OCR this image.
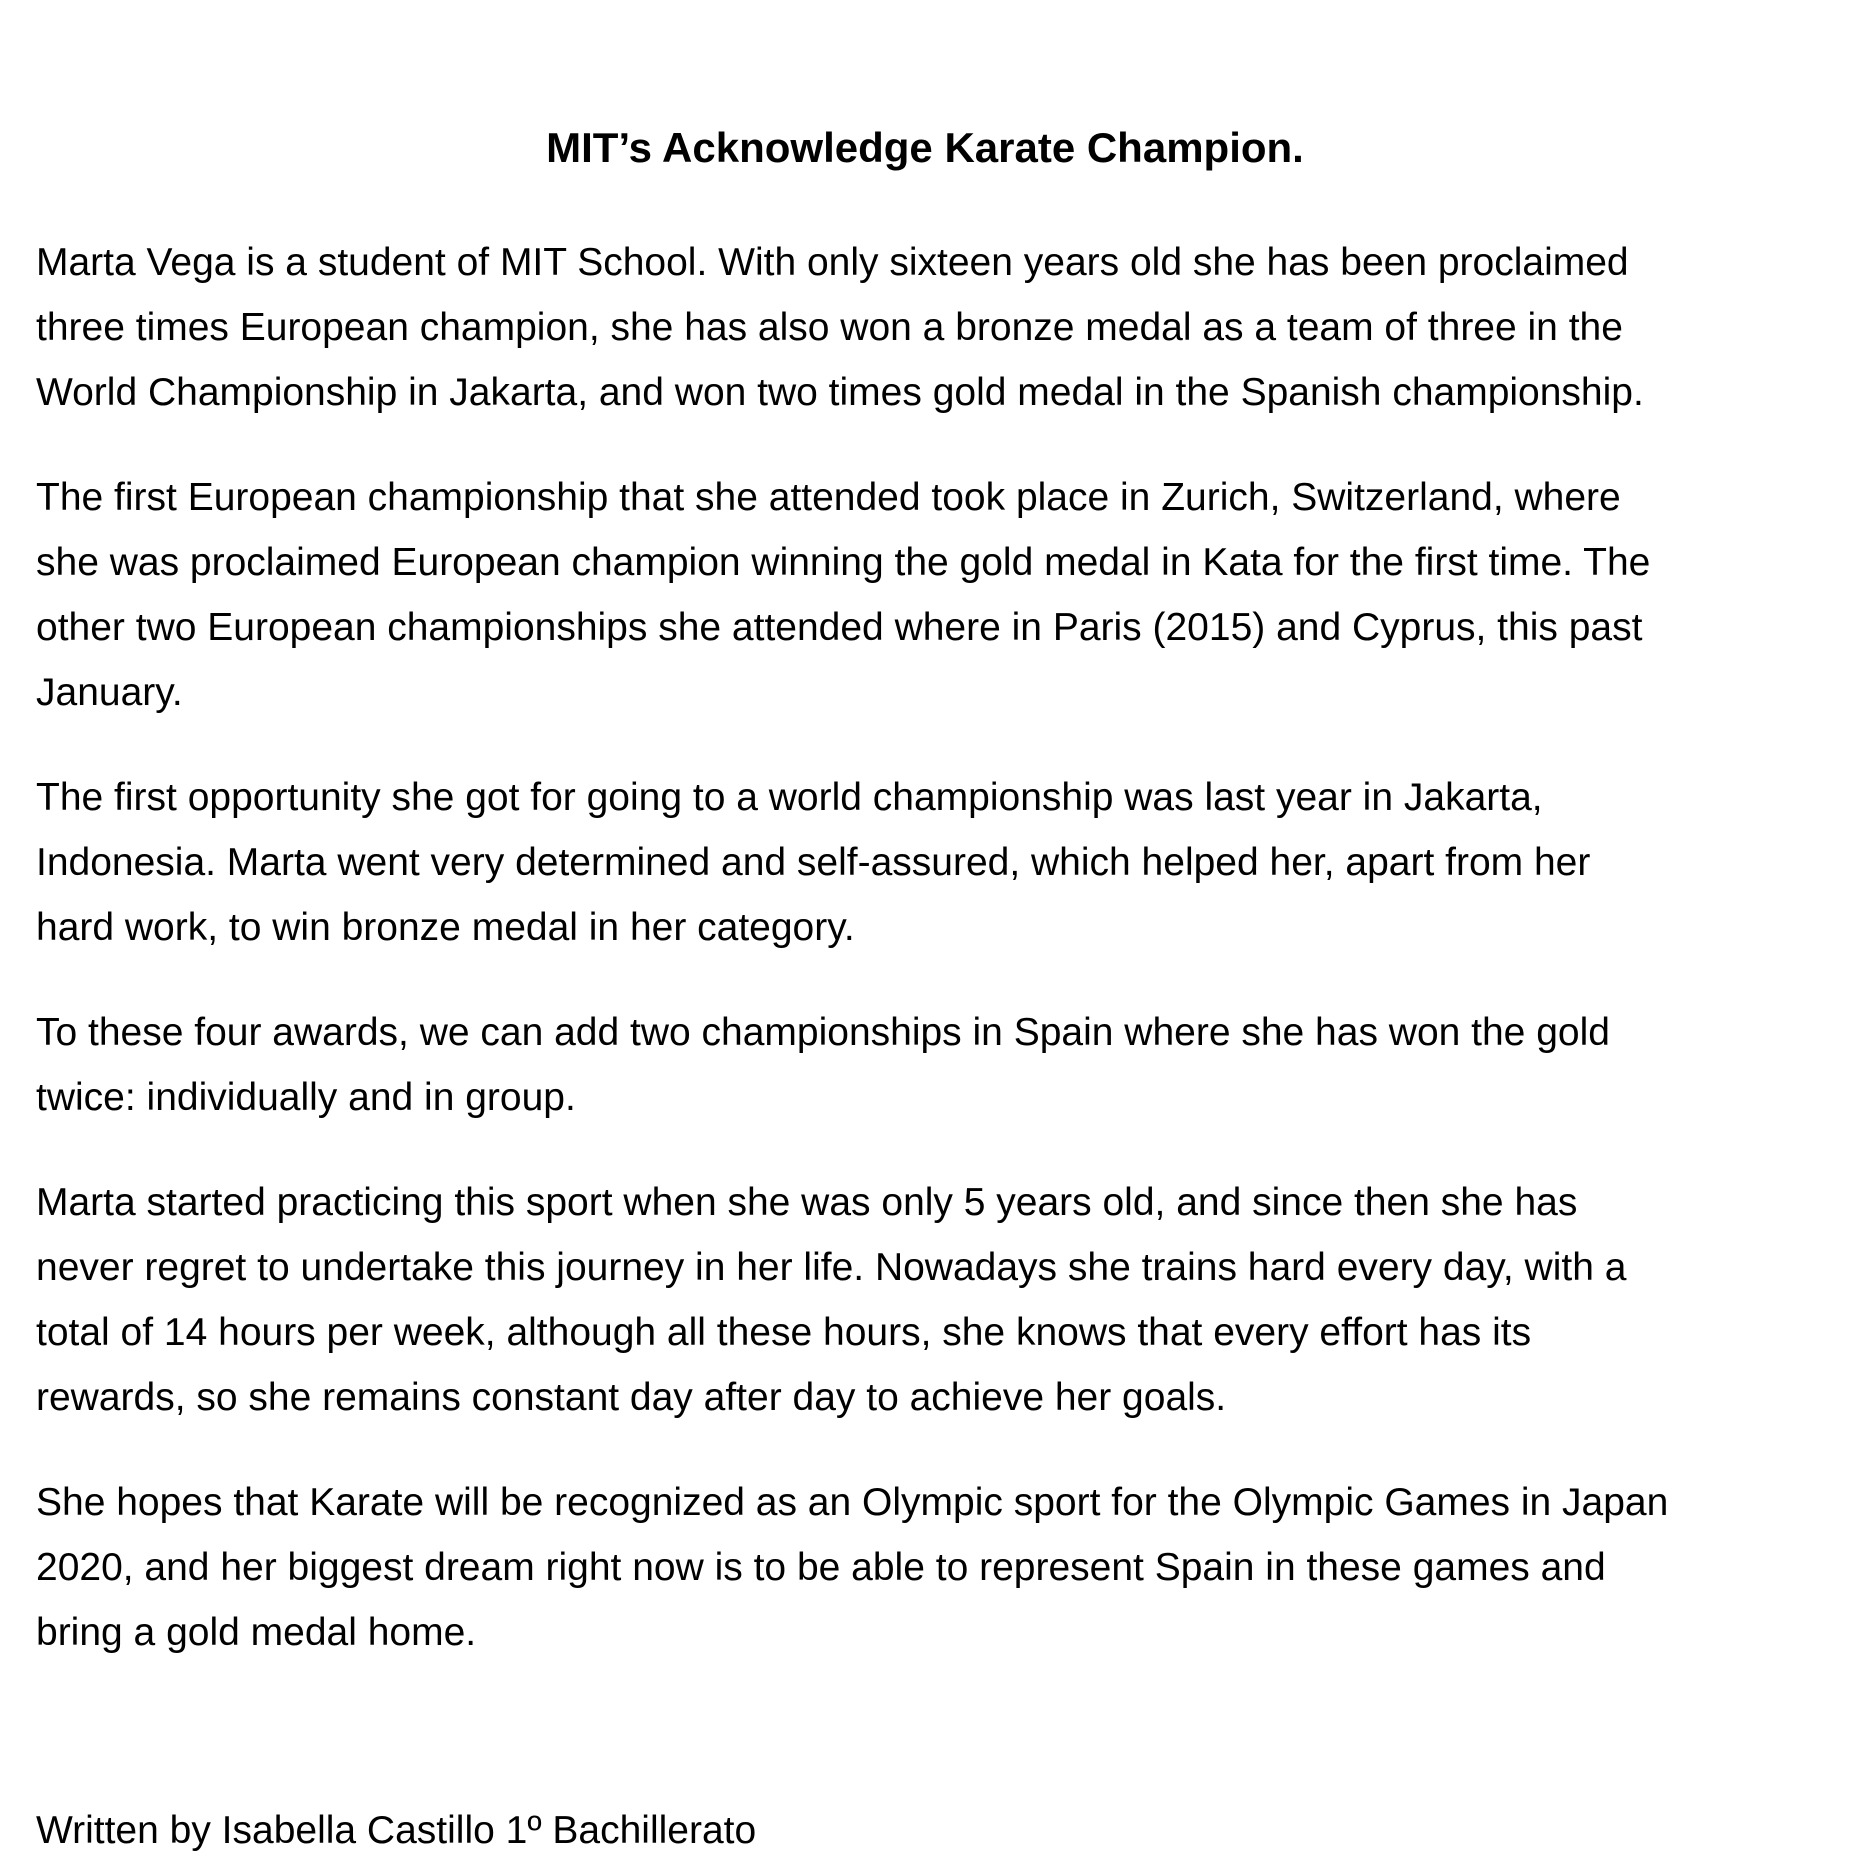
MIT’s Acknowledge Karate Champion.

Marta Vega is a student of MIT School. With only sixteen years old she has been proclaimed
three times European champion, she has also won a bronze medal as a team of three in the
World Championship in Jakarta, and won two times gold medal in the Spanish championship.

The first European championship that she attended took place in Zurich, Switzerland, where
she was proclaimed European champion winning the gold medal in Kata for the first time. The
other two European championships she attended where in Paris (2015) and Cyprus, this past
January.

The first opportunity she got for going to a world championship was last year in Jakarta,
Indonesia. Marta went very determined and self-assured, which helped her, apart from her
hard work, to win bronze medal in her category.

To these four awards, we can add two championships in Spain where she has won the gold
twice: individually and in group.

Marta started practicing this sport when she was only 5 years old, and since then she has
never regret to undertake this journey in her life. Nowadays she trains hard every day, with a
total of 14 hours per week, although all these hours, she knows that every effort has its
rewards, so she remains constant day after day to achieve her goals.

She hopes that Karate will be recognized as an Olympic sport for the Olympic Games in Japan
2020, and her biggest dream right now is to be able to represent Spain in these games and
bring a gold medal home.

Written by Isabella Castillo 1º Bachillerato
